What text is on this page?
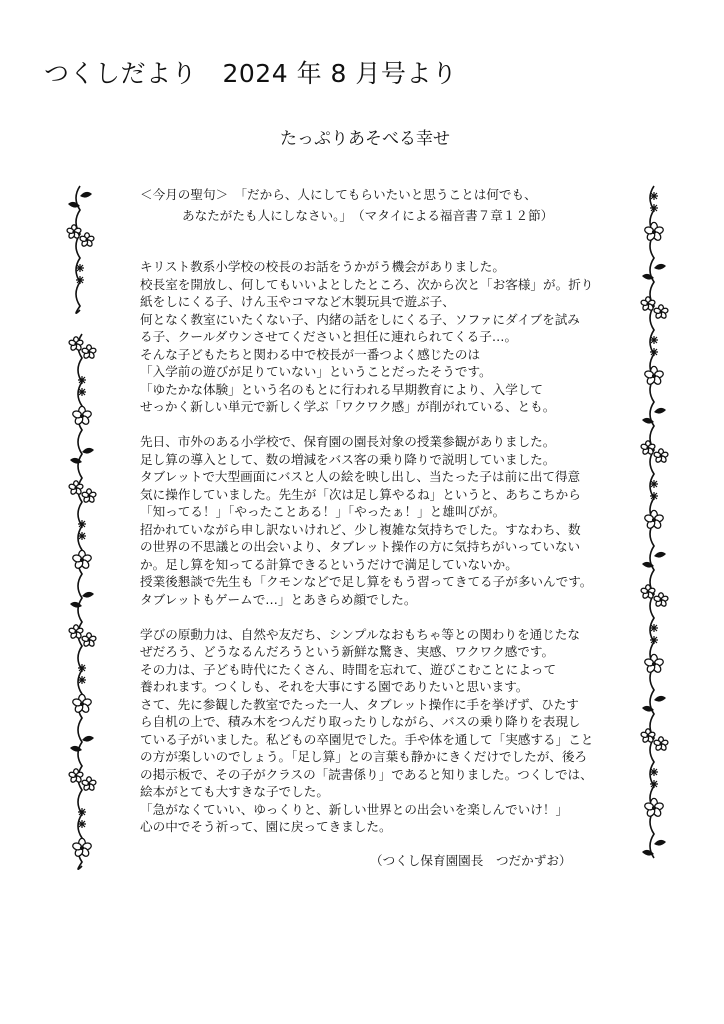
つくしだより　2024 年 8 月号より
たっぷりあそべる幸せ
＜今月の聖句＞　「だから、人にしてもらいたいと思うことは何でも、
あなたがたも人にしなさい。」　（マタイによる福音書７章１２節）
キリスト教系小学校の校長のお話をうかがう機会がありました。
校長室を開放し、何してもいいよとしたところ、次から次と「お客様」が。折り
紙をしにくる子、けん玉やコマなど木製玩具で遊ぶ子、
何となく教室にいたくない子、内緒の話をしにくる子、ソファにダイブを試み
る子、クールダウンさせてくださいと担任に連れられてくる子…。
そんな子どもたちと関わる中で校長が一番つよく感じたのは
「入学前の遊びが足りていない」ということだったそうです。
「ゆたかな体験」という名のもとに行われる早期教育により、入学して
せっかく新しい単元で新しく学ぶ「ワクワク感」が削がれている、とも。
先日、市外のある小学校で、保育園の園長対象の授業参観がありました。
足し算の導入として、数の増減をバス客の乗り降りで説明していました。
タブレットで大型画面にバスと人の絵を映し出し、当たった子は前に出て得意
気に操作していました。先生が「次は足し算やるね」というと、あちこちから
「知ってる！」「やったことある！」「やったぁ！」と雄叫びが。
招かれていながら申し訳ないけれど、少し複雑な気持ちでした。すなわち、数
の世界の不思議との出会いより、タブレット操作の方に気持ちがいっていない
か。足し算を知ってる計算できるというだけで満足していないか。
授業後懇談で先生も「クモンなどで足し算をもう習ってきてる子が多いんです。
タブレットもゲームで…」とあきらめ顔でした。
学びの原動力は、自然や友だち、シンプルなおもちゃ等との関わりを通じたな
ぜだろう、どうなるんだろうという新鮮な驚き、実感、ワクワク感です。
その力は、子ども時代にたくさん、時間を忘れて、遊びこむことによって
養われます。つくしも、それを大事にする園でありたいと思います。
さて、先に参観した教室でたった一人、タブレット操作に手を挙げず、ひたす
ら自机の上で、積み木をつんだり取ったりしながら、バスの乗り降りを表現し
ている子がいました。私どもの卒園児でした。手や体を通して「実感する」こと
の方が楽しいのでしょう。「足し算」との言葉も静かにきくだけでしたが、後ろ
の掲示板で、その子がクラスの「読書係り」であると知りました。つくしでは、
絵本がとても大すきな子でした。
「急がなくていい、ゆっくりと、新しい世界との出会いを楽しんでいけ！」
心の中でそう祈って、園に戻ってきました。
（つくし保育園園長　つだかずお）
